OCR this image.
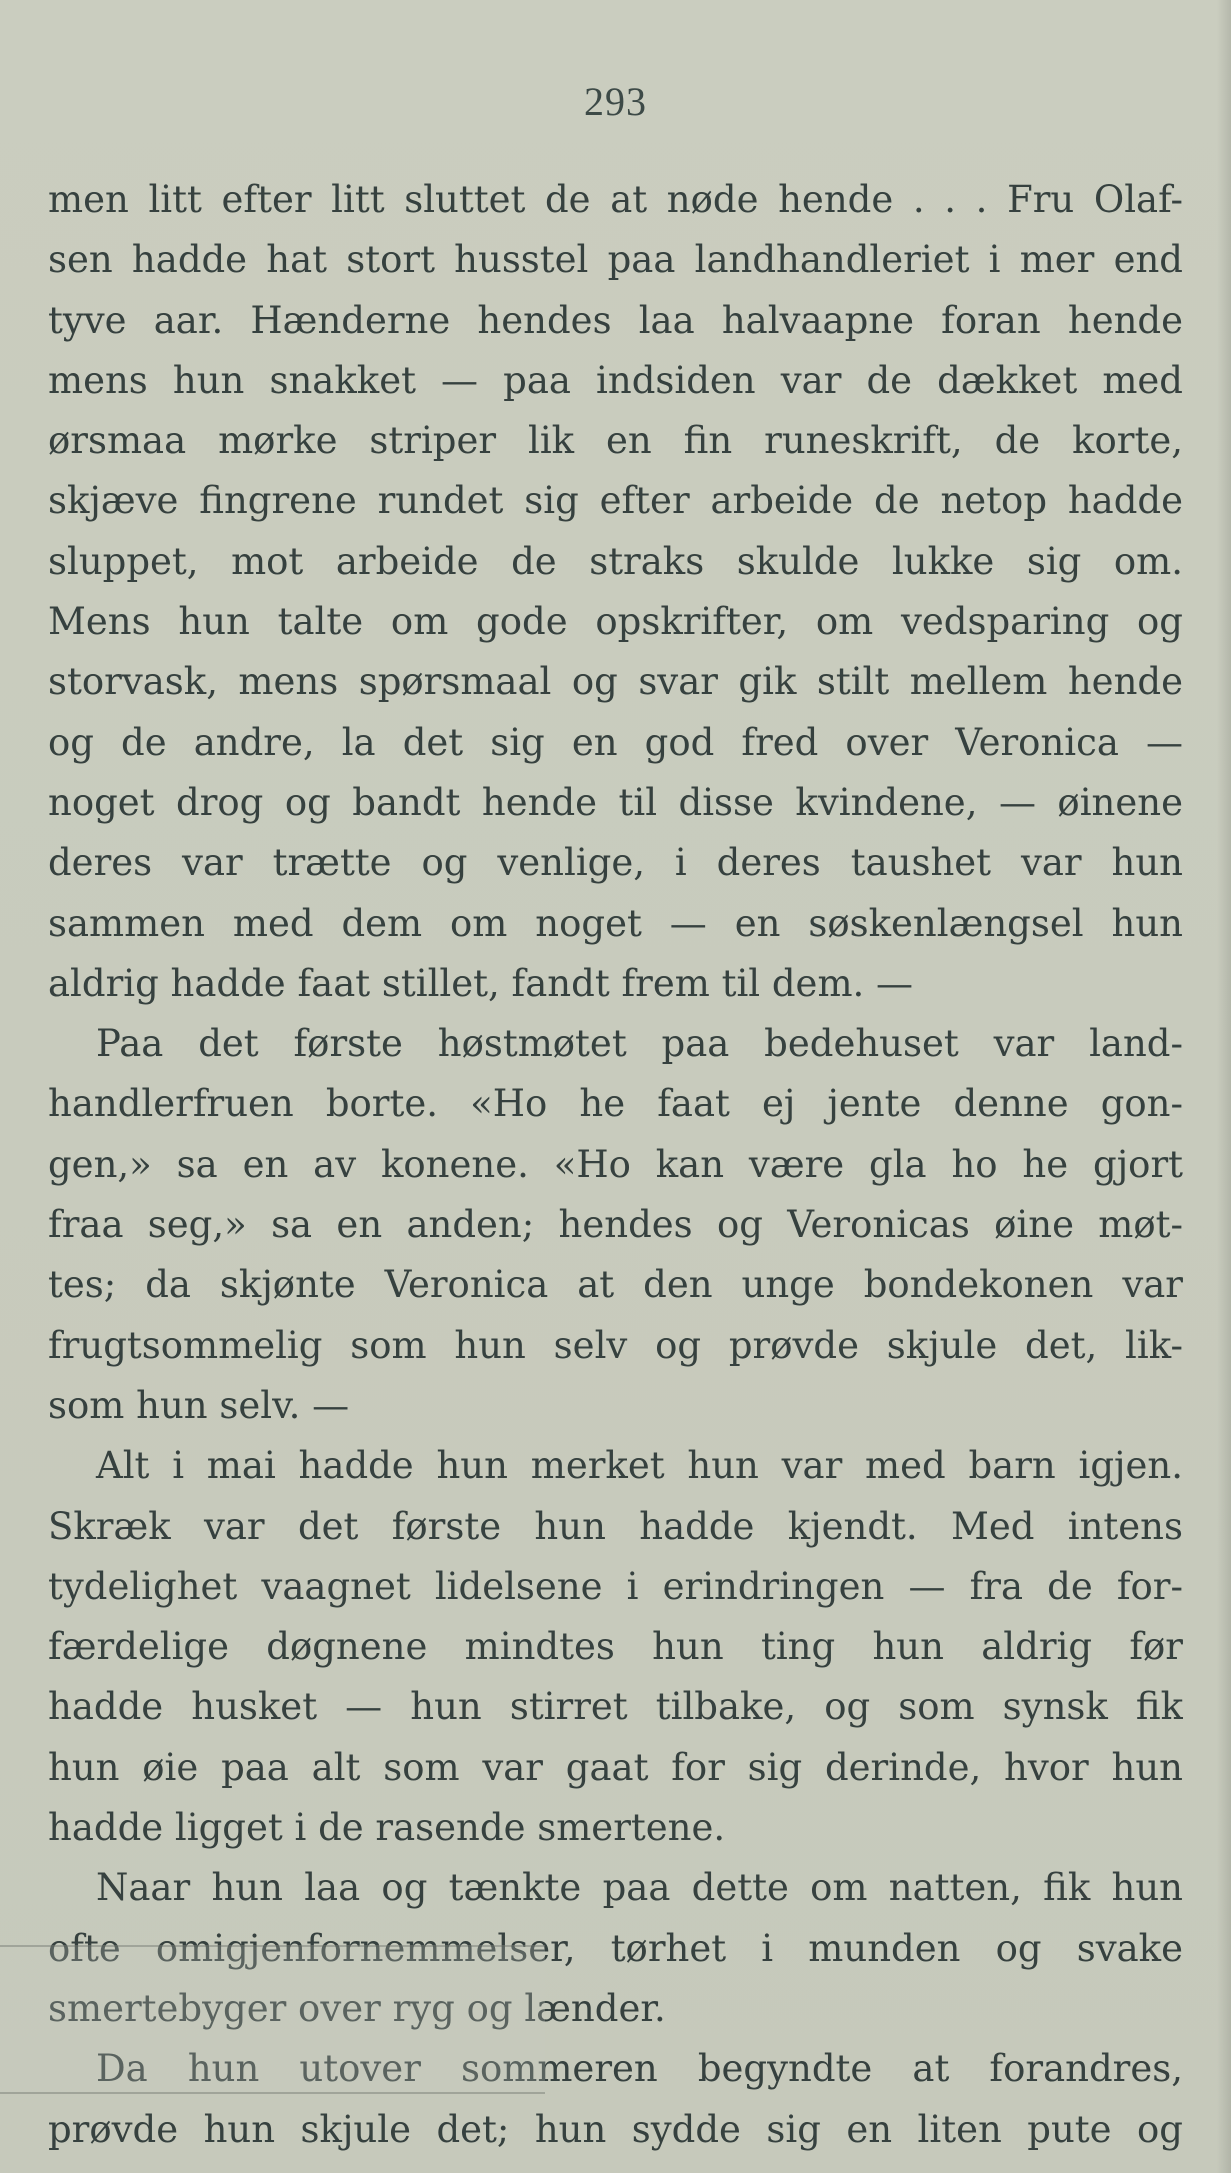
293
men litt efter litt sluttet de at nøde hende . . . Fru Olaf-
sen hadde hat stort husstel paa landhandleriet i mer end
tyve aar. Hænderne hendes laa halvaapne foran hende
mens hun snakket — paa indsiden var de dækket med
ørsmaa mørke striper lik en fin runeskrift, de korte,
skjæve fingrene rundet sig efter arbeide de netop hadde
sluppet, mot arbeide de straks skulde lukke sig om.
Mens hun talte om gode opskrifter, om vedsparing og
storvask, mens spørsmaal og svar gik stilt mellem hende
og de andre, la det sig en god fred over Veronica —
noget drog og bandt hende til disse kvindene, — øinene
deres var trætte og venlige, i deres taushet var hun
sammen med dem om noget — en søskenlængsel hun
aldrig hadde faat stillet, fandt frem til dem. —
Paa det første høstmøtet paa bedehuset var land-
handlerfruen borte. «Ho he faat ej jente denne gon-
gen,» sa en av konene. «Ho kan være gla ho he gjort
fraa seg,» sa en anden; hendes og Veronicas øine møt-
tes; da skjønte Veronica at den unge bondekonen var
frugtsommelig som hun selv og prøvde skjule det, lik-
som hun selv. —
Alt i mai hadde hun merket hun var med barn igjen.
Skræk var det første hun hadde kjendt. Med intens
tydelighet vaagnet lidelsene i erindringen — fra de for-
færdelige døgnene mindtes hun ting hun aldrig før
hadde husket — hun stirret tilbake, og som synsk fik
hun øie paa alt som var gaat for sig derinde, hvor hun
hadde ligget i de rasende smertene.
Naar hun laa og tænkte paa dette om natten, fik hun
ofte omigjenfornemmelser, tørhet i munden og svake
smertebyger over ryg og lænder.
Da hun utover sommeren begyndte at forandres,
prøvde hun skjule det; hun sydde sig en liten pute og
